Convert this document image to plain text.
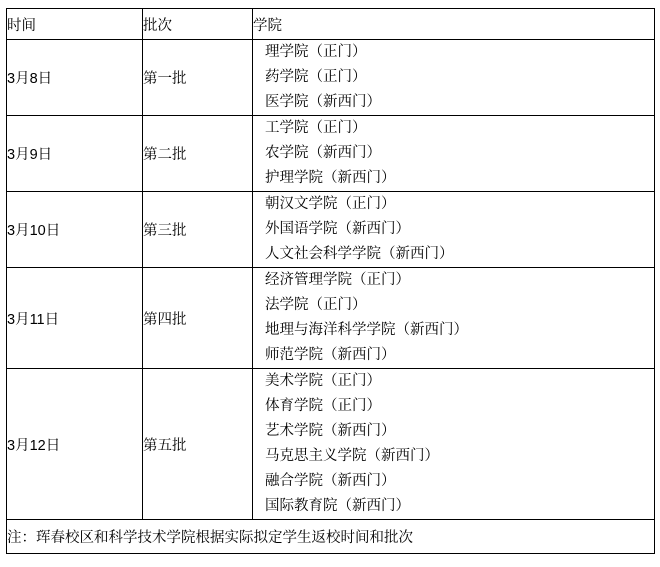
时间	批次	学院
3月8日	第一批	
理学院（正门）
药学院（正门）
医学院（新西门）

3月9日	第二批	
工学院（正门）
农学院（新西门）
护理学院（新西门）

3月10日	第三批	
朝汉文学院（正门）
外国语学院（新西门）
人文社会科学学院（新西门）

3月11日	第四批	
经济管理学院（正门）
法学院（正门）
地理与海洋科学学院（新西门）
师范学院（新西门）

3月12日	第五批	
美术学院（正门）
体育学院（正门）
艺术学院（新西门）
马克思主义学院（新西门）
融合学院（新西门）
国际教育院（新西门）

注：珲春校区和科学技术学院根据实际拟定学生返校时间和批次		
